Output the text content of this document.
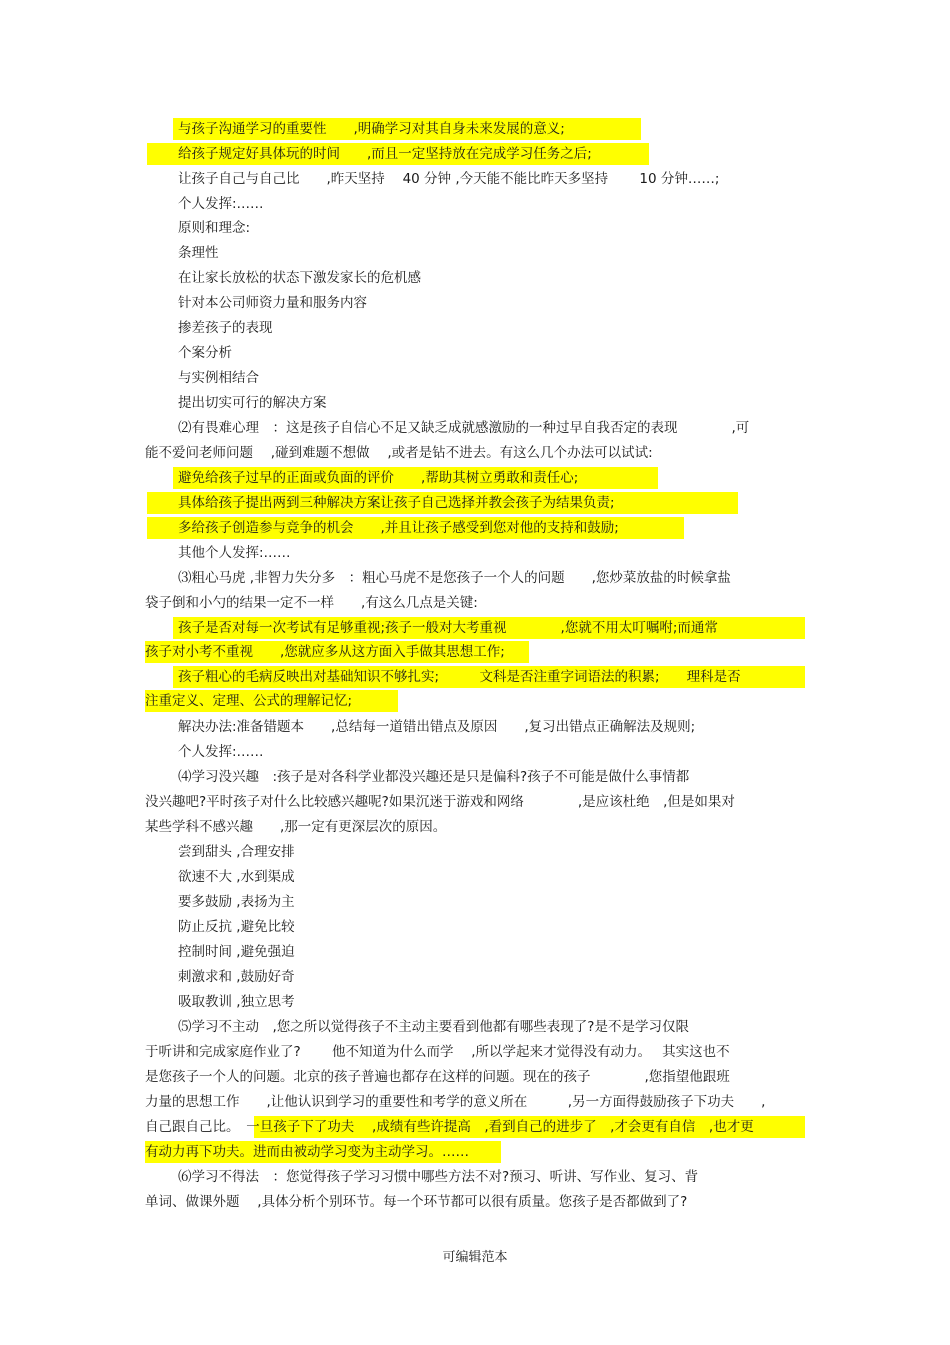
与孩子沟通学习的重要性　　,明确学习对其自身未来发展的意义;
给孩子规定好具体玩的时间　　,而且一定坚持放在完成学习任务之后;
让孩子自己与自己比　　,昨天坚持　 40 分钟 ,今天能不能比昨天多坚持　　 10 分钟……;
个人发挥:……
原则和理念:
条理性
在让家长放松的状态下激发家长的危机感
针对本公司师资力量和服务内容
掺差孩子的表现
个案分析
与实例相结合
提出切实可行的解决方案
⑵有畏难心理　：这是孩子自信心不足又缺乏成就感激励的一种过早自我否定的表现　　　　,可
能不爱问老师问题　 ,碰到难题不想做　 ,或者是钻不进去。有这么几个办法可以试试:
避免给孩子过早的正面或负面的评价　　,帮助其树立勇敢和责任心;
具体给孩子提出两到三种解决方案让孩子自己选择并教会孩子为结果负责;
多给孩子创造参与竞争的机会　　,并且让孩子感受到您对他的支持和鼓励;
其他个人发挥:……
⑶粗心马虎 ,非智力失分多　：粗心马虎不是您孩子一个人的问题　　,您炒菜放盐的时候拿盐
袋子倒和小勺的结果一定不一样　　,有这么几点是关键:
孩子是否对每一次考试有足够重视;孩子一般对大考重视　　　　,您就不用太叮嘱咐;而通常
孩子对小考不重视　　,您就应多从这方面入手做其思想工作;
孩子粗心的毛病反映出对基础知识不够扎实;　　　文科是否注重字词语法的积累;　　理科是否
注重定义、定理、公式的理解记忆;
解决办法:准备错题本　　,总结每一道错出错点及原因　　,复习出错点正确解法及规则;
个人发挥:……
⑷学习没兴趣　:孩子是对各科学业都没兴趣还是只是偏科?孩子不可能是做什么事情都
没兴趣吧?平时孩子对什么比较感兴趣呢?如果沉迷于游戏和网络　　　　,是应该杜绝　,但是如果对
某些学科不感兴趣　　,那一定有更深层次的原因。
尝到甜头 ,合理安排
欲速不大 ,水到渠成
要多鼓励 ,表扬为主
防止反抗 ,避免比较
控制时间 ,避免强迫
刺激求和 ,鼓励好奇
吸取教训 ,独立思考
⑸学习不主动　,您之所以觉得孩子不主动主要看到他都有哪些表现了?是不是学习仅限
于听讲和完成家庭作业了?　　 他不知道为什么而学　 ,所以学起来才觉得没有动力。　 其实这也不
是您孩子一个人的问题。北京的孩子普遍也都存在这样的问题。现在的孩子　　　　,您指望他跟班
力量的思想工作　　,让他认识到学习的重要性和考学的意义所在　　　,另一方面得鼓励孩子下功夫　　,
自己跟自己比。　一旦孩子下了功夫　 ,成绩有些许提高　,看到自己的进步了　,才会更有自信　,也才更
有动力再下功夫。进而由被动学习变为主动学习。……
⑹学习不得法　：您觉得孩子学习习惯中哪些方法不对?预习、听讲、写作业、复习、背
单词、做课外题　 ,具体分析个别环节。每一个环节都可以很有质量。您孩子是否都做到了?
可编辑范本
